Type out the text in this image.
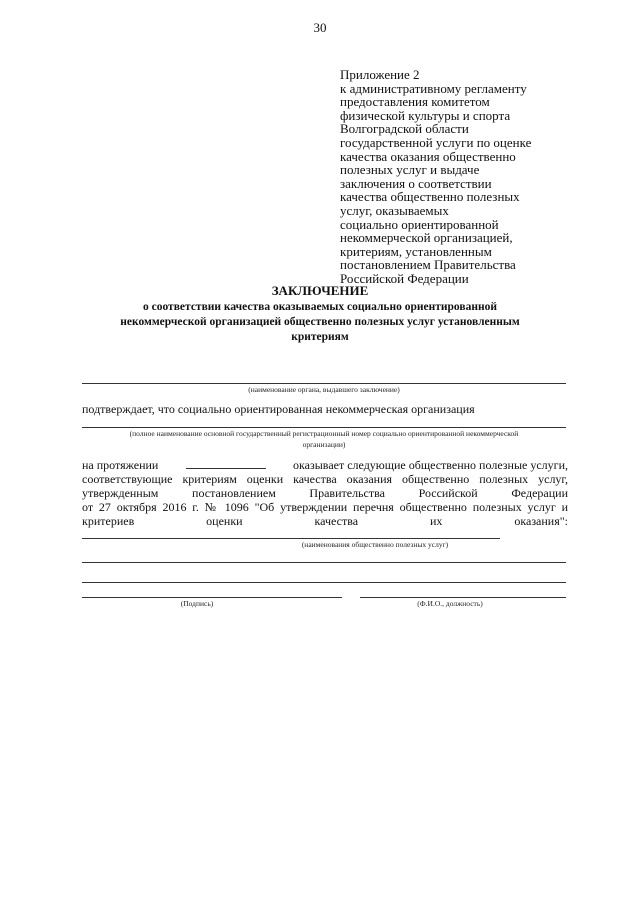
30
Приложение 2
к административному регламенту
предоставления комитетом
физической культуры и спорта
Волгоградской области
государственной услуги по оценке
качества оказания общественно
полезных услуг и выдаче
заключения о соответствии
качества общественно полезных
услуг, оказываемых
социально ориентированной
некоммерческой организацией,
критериям, установленным
постановлением Правительства
Российской Федерации
ЗАКЛЮЧЕНИЕ
о соответствии качества оказываемых социально ориентированной
некоммерческой организацией общественно полезных услуг установленным
критериям
(наименование органа, выдавшего заключение)
подтверждает, что социально ориентированная некоммерческая организация
(полное наименование основной государственный регистрационный номер социально ориентированной некоммерческой
организации)
на протяжении	оказывает следующие общественно полезные услуги,
соответствующие критериям оценки качества оказания общественно полезных услуг,
утвержденным	постановлением	Правительства	Российской	Федерации
от 27 октября 2016 г. № 1096 "Об утверждении перечня общественно полезных услуг и
критериев	оценки	качества	их	оказания":
(наименования общественно полезных услуг)
(Подпись)	(Ф.И.О., должность)
